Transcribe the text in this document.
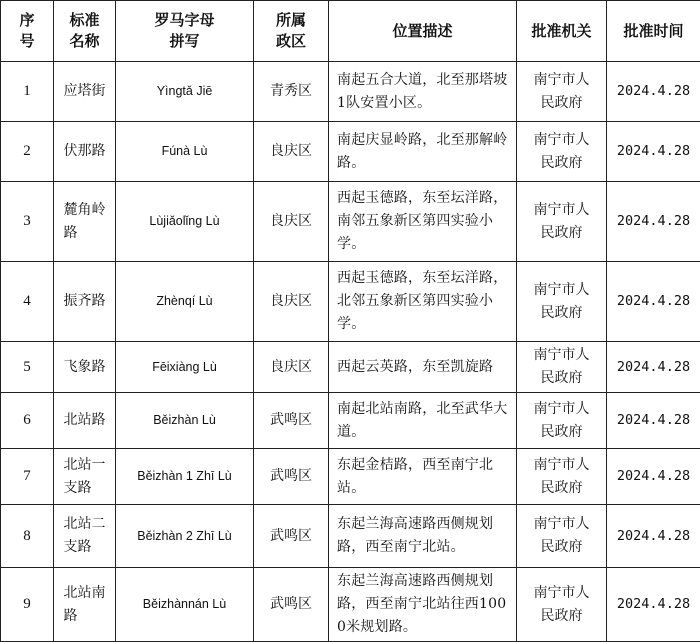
序号	标准名称	罗马字母拼写	所属政区	位置描述	批准机关	批准时间
1	应塔街	Yìngtǎ Jiē	青秀区	南起五合大道，北至那塔坡1队安置小区。	南宁市人民政府	2024.4.28
2	伏那路	Fúnà Lù	良庆区	南起庆显岭路，北至那解岭路。	南宁市人民政府	2024.4.28
3	麓角岭路	Lùjiǎolǐng Lù	良庆区	西起玉德路，东至坛洋路，南邻五象新区第四实验小学。	南宁市人民政府	2024.4.28
4	振齐路	Zhènqí Lù	良庆区	西起玉德路，东至坛洋路，北邻五象新区第四实验小学。	南宁市人民政府	2024.4.28
5	飞象路	Fēixiàng Lù	良庆区	西起云英路，东至凯旋路	南宁市人民政府	2024.4.28
6	北站路	Běizhàn Lù	武鸣区	南起北站南路，北至武华大道。	南宁市人民政府	2024.4.28
7	北站一支路	Běizhàn 1 Zhī Lù	武鸣区	东起金桔路，西至南宁北站。	南宁市人民政府	2024.4.28
8	北站二支路	Běizhàn 2 Zhī Lù	武鸣区	东起兰海高速路西侧规划路，西至南宁北站。	南宁市人民政府	2024.4.28
9	北站南路	Běizhànnán Lù	武鸣区	东起兰海高速路西侧规划路，西至南宁北站往西1000米规划路。	南宁市人民政府	2024.4.28
